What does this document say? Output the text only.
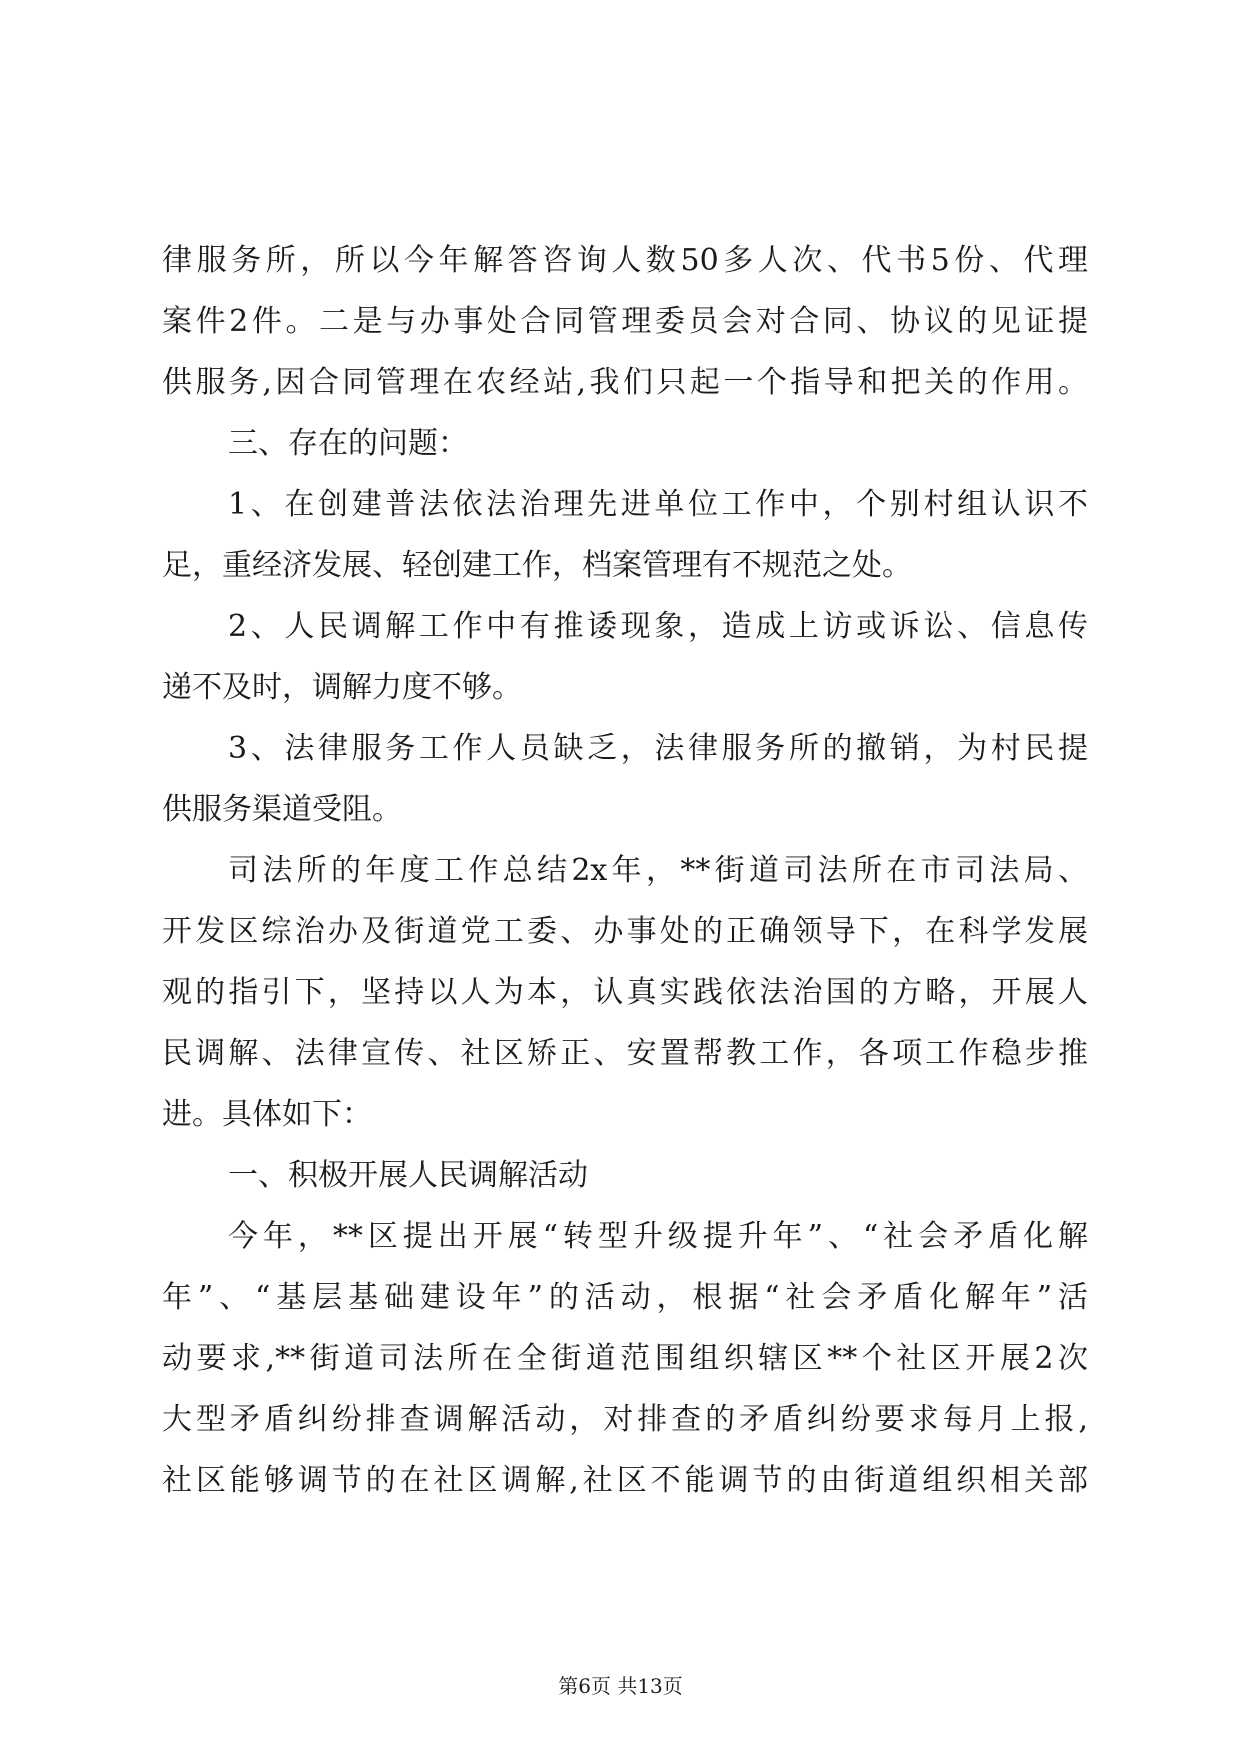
律服务所，所以今年解答咨询人数50多人次、代书5份、代理
案件2件。二是与办事处合同管理委员会对合同、协议的见证提
供服务,因合同管理在农经站,我们只起一个指导和把关的作用。
三、存在的问题：
1、在创建普法依法治理先进单位工作中，个别村组认识不
足，重经济发展、轻创建工作，档案管理有不规范之处。
2、人民调解工作中有推诿现象，造成上访或诉讼、信息传
递不及时，调解力度不够。
3、法律服务工作人员缺乏，法律服务所的撤销，为村民提
供服务渠道受阻。
司法所的年度工作总结2x年，**街道司法所在市司法局、
开发区综治办及街道党工委、办事处的正确领导下，在科学发展
观的指引下，坚持以人为本，认真实践依法治国的方略，开展人
民调解、法律宣传、社区矫正、安置帮教工作，各项工作稳步推
进。具体如下：
一、积极开展人民调解活动
今年，**区提出开展“转型升级提升年”、“社会矛盾化解
年”、“基层基础建设年”的活动，根据“社会矛盾化解年”活
动要求,**街道司法所在全街道范围组织辖区**个社区开展2次
大型矛盾纠纷排查调解活动，对排查的矛盾纠纷要求每月上报,
社区能够调节的在社区调解,社区不能调节的由街道组织相关部
第6页 共13页
